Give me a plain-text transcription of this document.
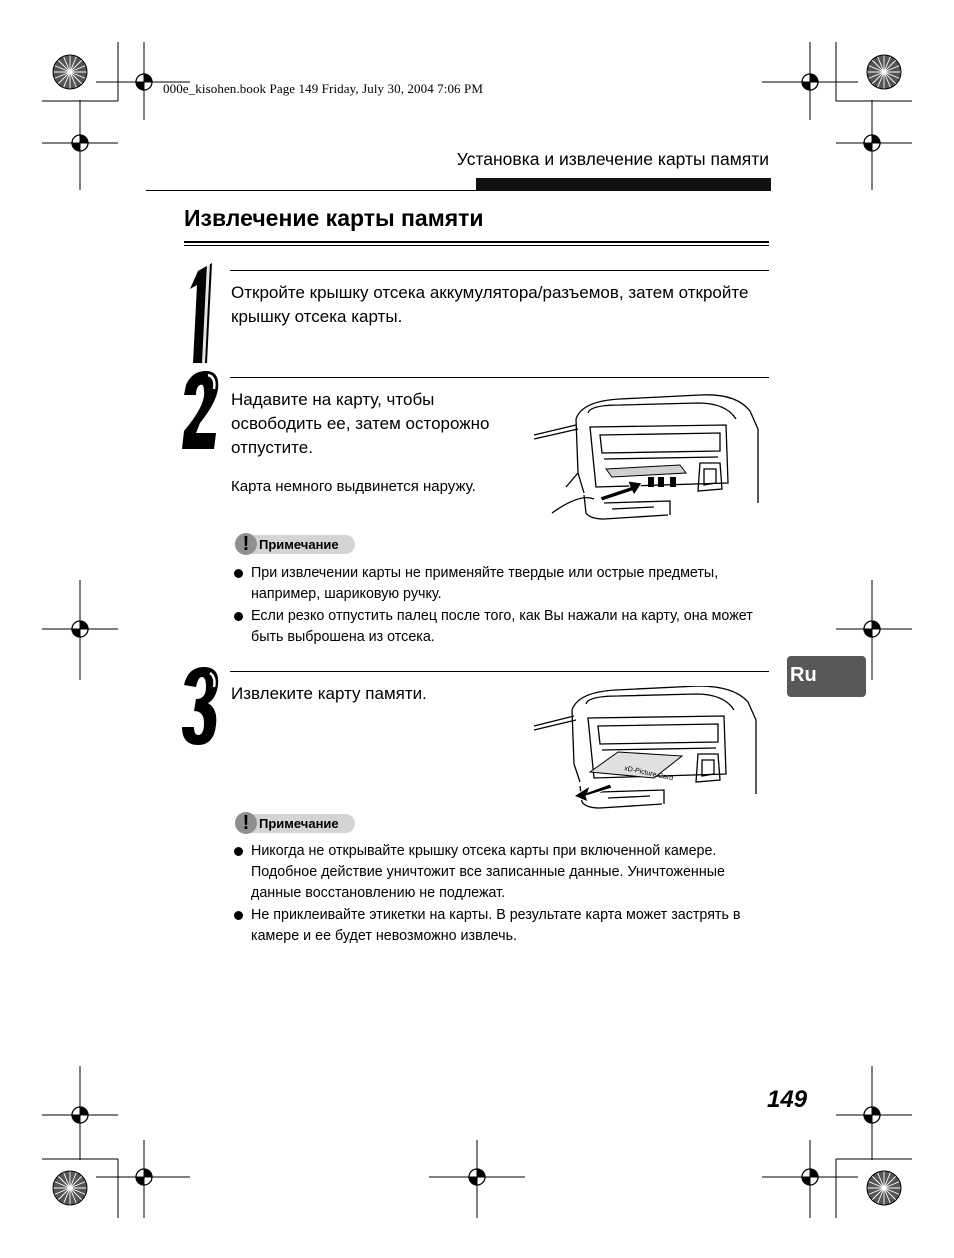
000e_kisohen.book Page 149 Friday, July 30, 2004 7:06 PM
Установка и извлечение карты памяти
Извлечение карты памяти
Откройте крышку отсека аккумулятора/разъемов, затем откройте крышку отсека карты.
Надавите на карту, чтобы освободить ее, затем осторожно отпустите.
Карта немного выдвинется наружу.
! Примечание
При извлечении карты не применяйте твердые или острые предметы, например, шариковую ручку.
Если резко отпустить палец после того, как Вы нажали на карту, она может быть выброшена из отсека.
Ru
Извлеките карту памяти.
xD-Picture Card
! Примечание
Никогда не открывайте крышку отсека карты при включенной камере. Подобное действие уничтожит все записанные данные. Уничтоженные данные восстановлению не подлежат.
Не приклеивайте этикетки на карты. В результате карта может застрять в камере и ее будет невозможно извлечь.
149
